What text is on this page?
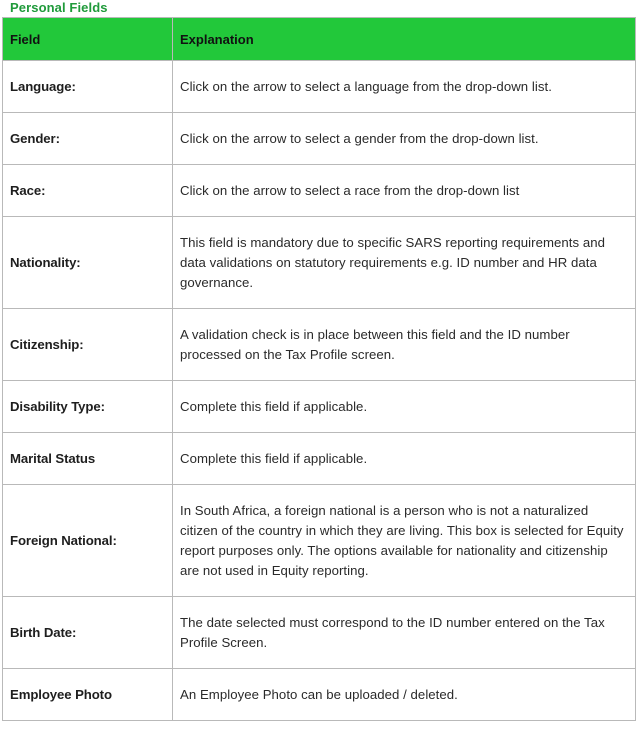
Personal Fields
Field	Explanation
Language:	Click on the arrow to select a language from the drop-down list.
Gender:	Click on the arrow to select a gender from the drop-down list.
Race:	Click on the arrow to select a race from the drop-down list
Nationality:	This field is mandatory due to specific SARS reporting requirements and data validations on statutory requirements e.g. ID number and HR data governance.
Citizenship:	A validation check is in place between this field and the ID number processed on the Tax Profile screen.
Disability Type:	Complete this field if applicable.
Marital Status	Complete this field if applicable.
Foreign National:	In South Africa, a foreign national is a person who is not a naturalized citizen of the country in which they are living. This box is selected for Equity report purposes only. The options available for nationality and citizenship are not used in Equity reporting.
Birth Date:	The date selected must correspond to the ID number entered on the Tax Profile Screen.
Employee Photo	An Employee Photo can be uploaded / deleted.
